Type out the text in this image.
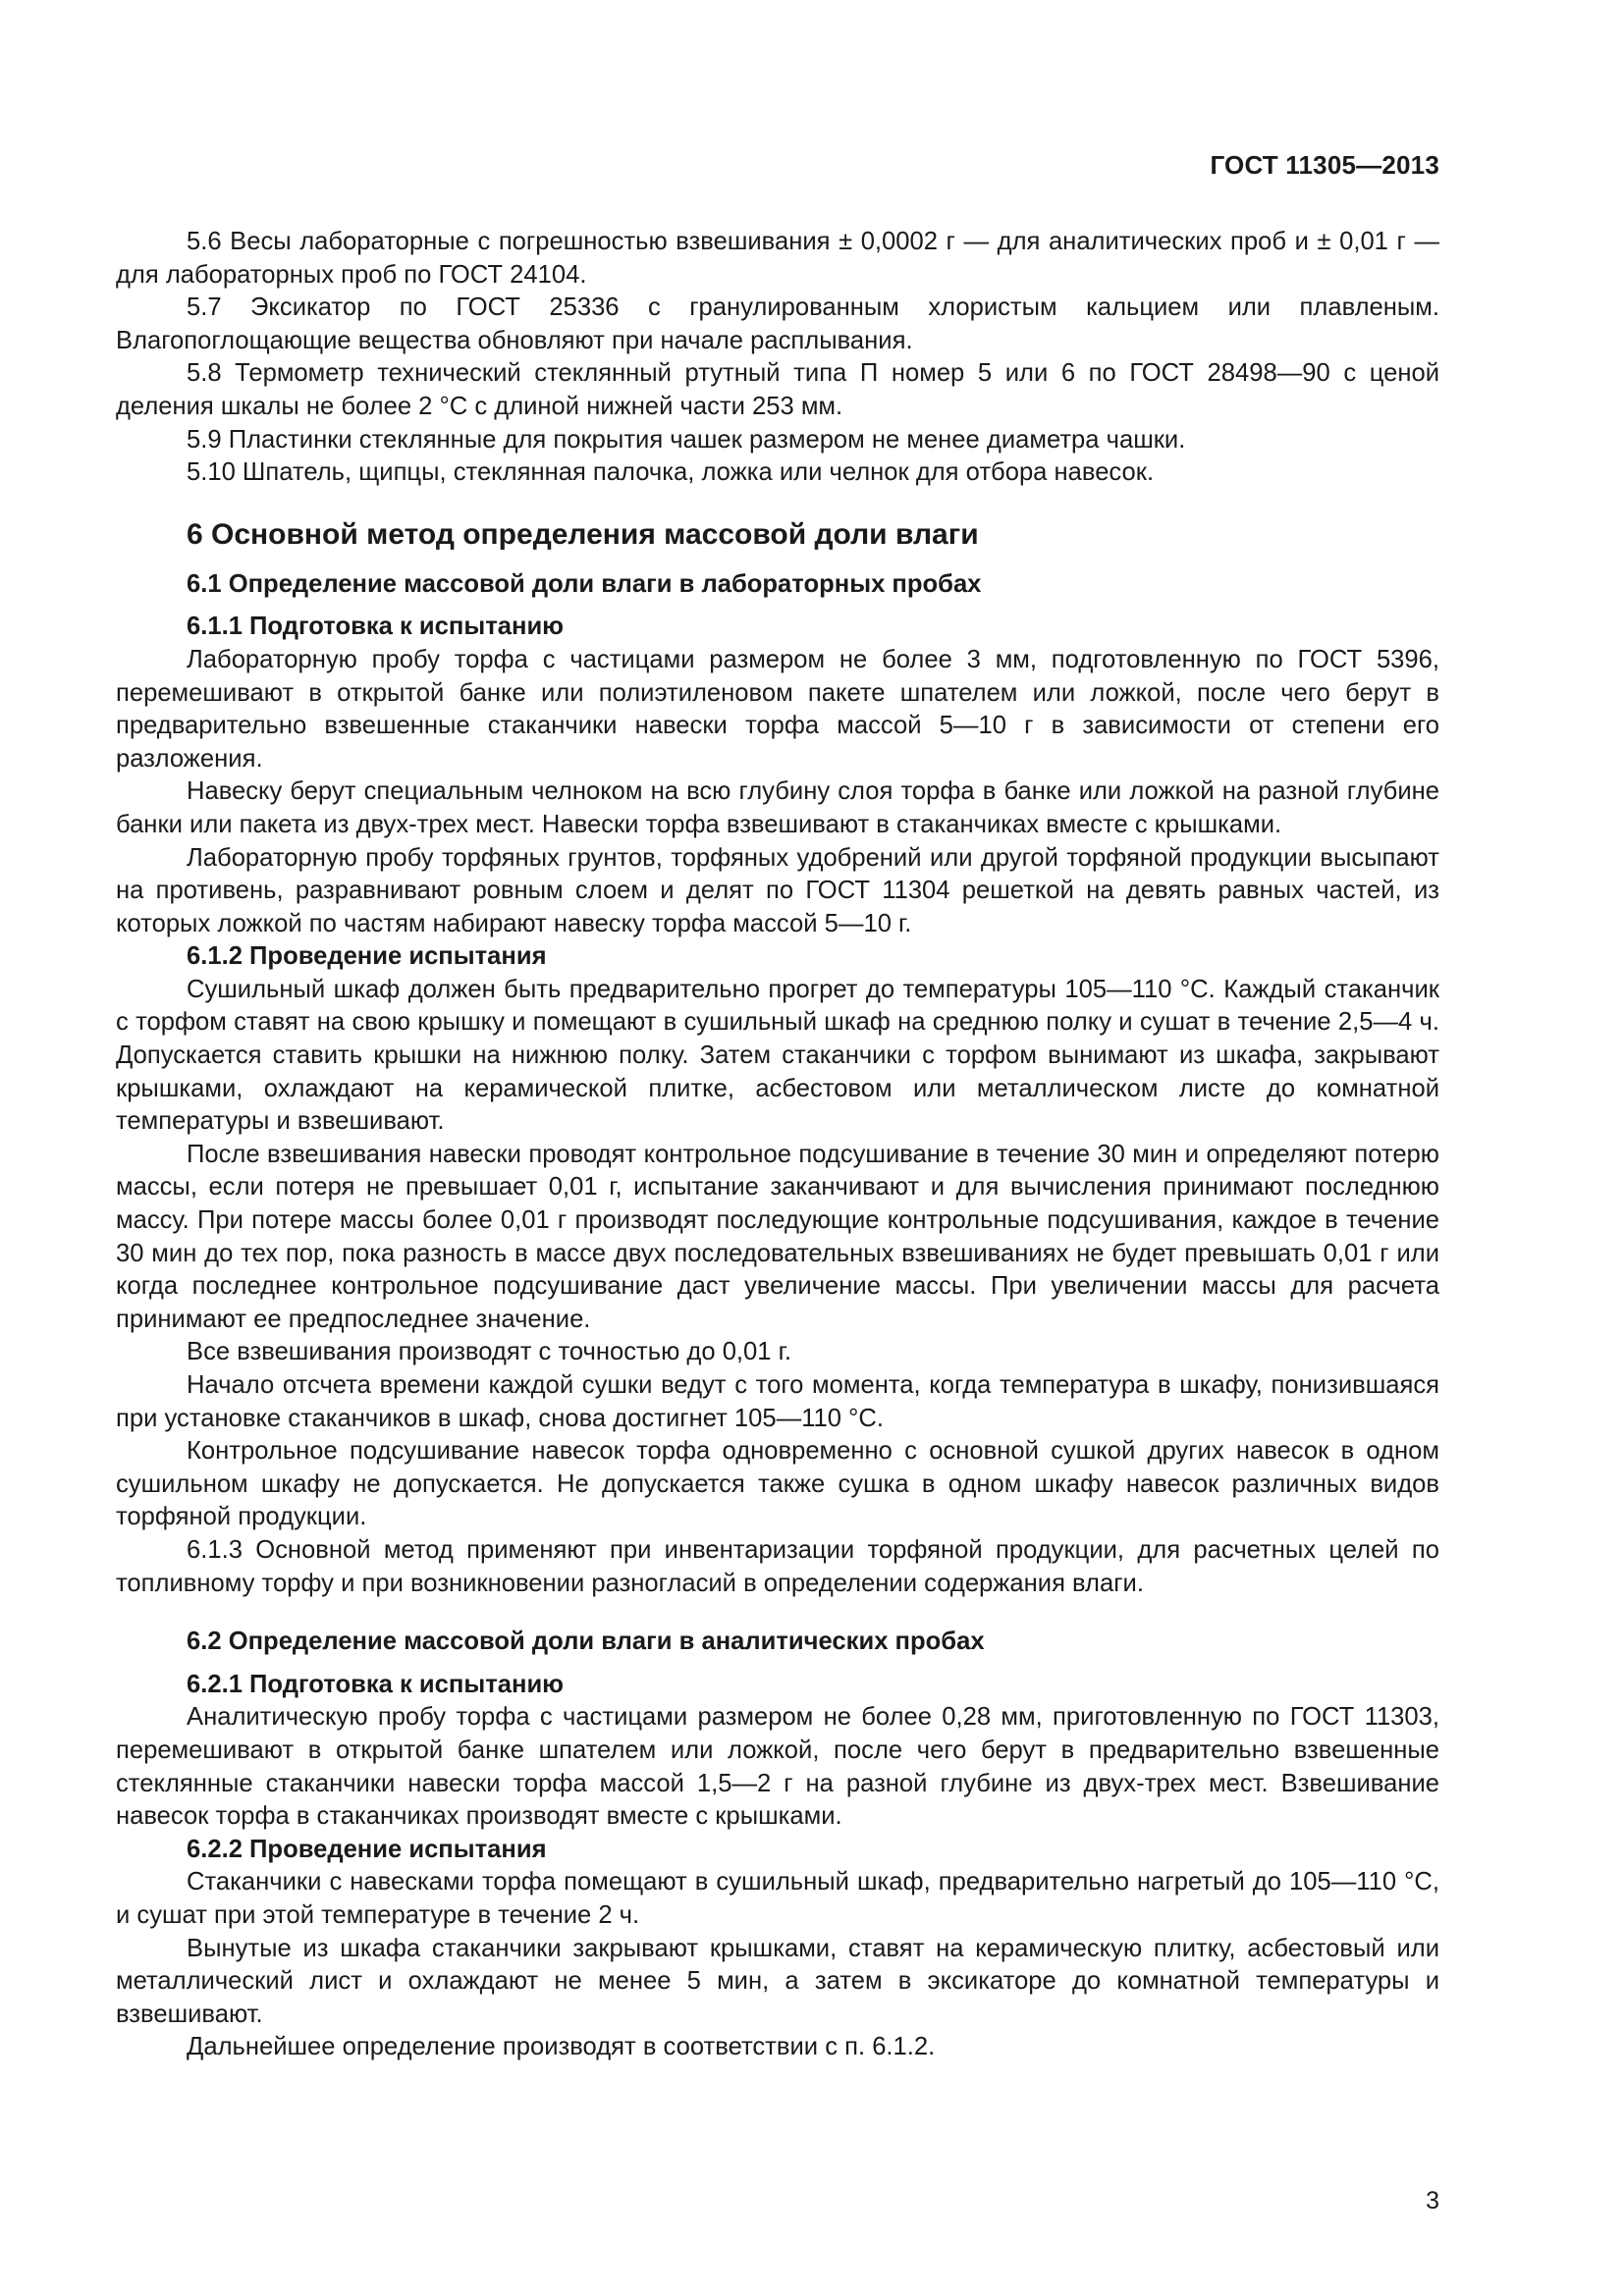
ГОСТ 11305—2013

5.6 Весы лабораторные с погрешностью взвешивания ± 0,0002 г — для аналитических проб и ± 0,01 г — для лабораторных проб по ГОСТ 24104.

5.7 Эксикатор по ГОСТ 25336 с гранулированным хлористым кальцием или плавленым. Влагопоглощающие вещества обновляют при начале расплывания.

5.8 Термометр технический стеклянный ртутный типа П номер 5 или 6 по ГОСТ 28498—90 с ценой деления шкалы не более 2 °С с длиной нижней части 253 мм.

5.9 Пластинки стеклянные для покрытия чашек размером не менее диаметра чашки.

5.10 Шпатель, щипцы, стеклянная палочка, ложка или челнок для отбора навесок.

6 Основной метод определения массовой доли влаги
6.1 Определение массовой доли влаги в лабораторных пробах
6.1.1 Подготовка к испытанию

Лабораторную пробу торфа с частицами размером не более 3 мм, подготовленную по ГОСТ 5396, перемешивают в открытой банке или полиэтиленовом пакете шпателем или ложкой, после чего берут в предварительно взвешенные стаканчики навески торфа массой 5—10 г в зависимости от степени его разложения.

Навеску берут специальным челноком на всю глубину слоя торфа в банке или ложкой на разной глубине банки или пакета из двух-трех мест. Навески торфа взвешивают в стаканчиках вместе с крышками.

Лабораторную пробу торфяных грунтов, торфяных удобрений или другой торфяной продукции высыпают на противень, разравнивают ровным слоем и делят по ГОСТ 11304 решеткой на девять равных частей, из которых ложкой по частям набирают навеску торфа массой 5—10 г.

6.1.2 Проведение испытания

Сушильный шкаф должен быть предварительно прогрет до температуры 105—110 °С. Каждый стаканчик с торфом ставят на свою крышку и помещают в сушильный шкаф на среднюю полку и сушат в течение 2,5—4 ч. Допускается ставить крышки на нижнюю полку. Затем стаканчики с торфом вынимают из шкафа, закрывают крышками, охлаждают на керамической плитке, асбестовом или металлическом листе до комнатной температуры и взвешивают.

После взвешивания навески проводят контрольное подсушивание в течение 30 мин и определяют потерю массы, если потеря не превышает 0,01 г, испытание заканчивают и для вычисления принимают последнюю массу. При потере массы более 0,01 г производят последующие контрольные подсушивания, каждое в течение 30 мин до тех пор, пока разность в массе двух последовательных взвешиваниях не будет превышать 0,01 г или когда последнее контрольное подсушивание даст увеличение массы. При увеличении массы для расчета принимают ее предпоследнее значение.

Все взвешивания производят с точностью до 0,01 г.

Начало отсчета времени каждой сушки ведут с того момента, когда температура в шкафу, понизившаяся при установке стаканчиков в шкаф, снова достигнет 105—110 °С.

Контрольное подсушивание навесок торфа одновременно с основной сушкой других навесок в одном сушильном шкафу не допускается. Не допускается также сушка в одном шкафу навесок различных видов торфяной продукции.

6.1.3 Основной метод применяют при инвентаризации торфяной продукции, для расчетных целей по топливному торфу и при возникновении разногласий в определении содержания влаги.

6.2 Определение массовой доли влаги в аналитических пробах
6.2.1 Подготовка к испытанию

Аналитическую пробу торфа с частицами размером не более 0,28 мм, приготовленную по ГОСТ 11303, перемешивают в открытой банке шпателем или ложкой, после чего берут в предварительно взвешенные стеклянные стаканчики навески торфа массой 1,5—2 г на разной глубине из двух-трех мест. Взвешивание навесок торфа в стаканчиках производят вместе с крышками.

6.2.2 Проведение испытания

Стаканчики с навесками торфа помещают в сушильный шкаф, предварительно нагретый до 105—110 °С, и сушат при этой температуре в течение 2 ч.

Вынутые из шкафа стаканчики закрывают крышками, ставят на керамическую плитку, асбестовый или металлический лист и охлаждают не менее 5 мин, а затем в эксикаторе до комнатной температуры и взвешивают.

Дальнейшее определение производят в соответствии с п. 6.1.2.

3
